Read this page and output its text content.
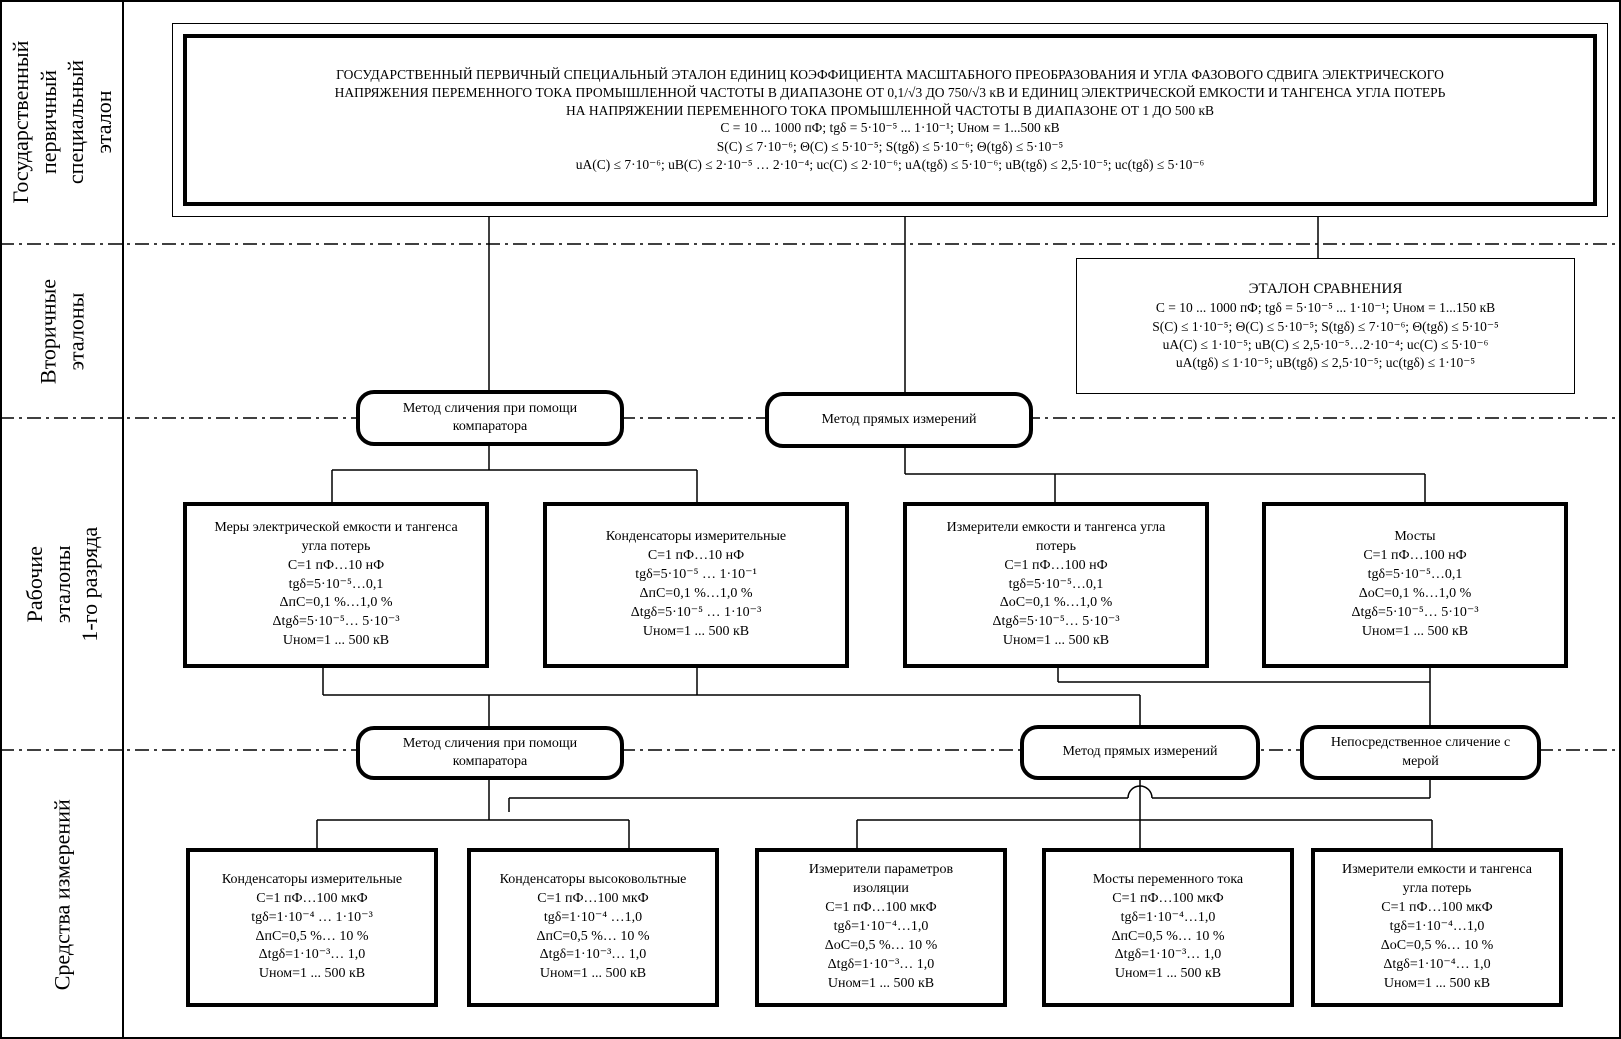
Государственный первичный специальный эталон
Вторичные эталоны
Рабочие эталоны 1-го разряда
Средства измерений
ГОСУДАРСТВЕННЫЙ ПЕРВИЧНЫЙ СПЕЦИАЛЬНЫЙ ЭТАЛОН ЕДИНИЦ КОЭФФИЦИЕНТА МАСШТАБНОГО ПРЕОБРАЗОВАНИЯ И УГЛА ФАЗОВОГО СДВИГА ЭЛЕКТРИЧЕСКОГО
НАПРЯЖЕНИЯ ПЕРЕМЕННОГО ТОКА ПРОМЫШЛЕННОЙ ЧАСТОТЫ В ДИАПАЗОНЕ ОТ 0,1/√3 ДО 750/√3 кВ И ЕДИНИЦ ЭЛЕКТРИЧЕСКОЙ ЕМКОСТИ И ТАНГЕНСА УГЛА ПОТЕРЬ
НА НАПРЯЖЕНИИ ПЕРЕМЕННОГО ТОКА ПРОМЫШЛЕННОЙ ЧАСТОТЫ В ДИАПАЗОНЕ ОТ 1 ДО 500 кВ
C = 10 ... 1000 пФ; tgδ = 5·10⁻⁵ ... 1·10⁻¹; Uном = 1...500 кВ
S(C) ≤ 7·10⁻⁶; Θ(C) ≤ 5·10⁻⁵; S(tgδ) ≤ 5·10⁻⁶; Θ(tgδ) ≤ 5·10⁻⁵
uA(C) ≤ 7·10⁻⁶; uB(C) ≤ 2·10⁻⁵ … 2·10⁻⁴; uc(C) ≤ 2·10⁻⁶; uA(tgδ) ≤ 5·10⁻⁶; uB(tgδ) ≤ 2,5·10⁻⁵; uc(tgδ) ≤ 5·10⁻⁶
ЭТАЛОН СРАВНЕНИЯ
C = 10 ... 1000 пФ; tgδ = 5·10⁻⁵ ... 1·10⁻¹; Uном = 1...150 кВ
S(C) ≤ 1·10⁻⁵; Θ(C) ≤ 5·10⁻⁵; S(tgδ) ≤ 7·10⁻⁶; Θ(tgδ) ≤ 5·10⁻⁵
uA(C) ≤ 1·10⁻⁵; uB(C) ≤ 2,5·10⁻⁵…2·10⁻⁴; uc(C) ≤ 5·10⁻⁶
uA(tgδ) ≤ 1·10⁻⁵; uB(tgδ) ≤ 2,5·10⁻⁵; uc(tgδ) ≤ 1·10⁻⁵
Метод сличения при помощи компаратора	Метод прямых измерений
Метод сличения при помощи компаратора
Метод прямых измерений
Непосредственное сличение с мерой
Меры электрической емкости и тангенса
угла потерь
C=1 пФ…10 нФ
tgδ=5·10⁻⁵…0,1
ΔпC=0,1 %…1,0 %
Δtgδ=5·10⁻⁵… 5·10⁻³
Uном=1 ... 500 кВ
Конденсаторы измерительные
C=1 пФ…10 нФ
tgδ=5·10⁻⁵ … 1·10⁻¹
ΔпC=0,1 %…1,0 %
Δtgδ=5·10⁻⁵ … 1·10⁻³
Uном=1 ... 500 кВ
Измерители емкости и тангенса угла
потерь
C=1 пФ…100 нФ
tgδ=5·10⁻⁵…0,1
ΔоC=0,1 %…1,0 %
Δtgδ=5·10⁻⁵… 5·10⁻³
Uном=1 ... 500 кВ
Мосты
C=1 пФ…100 нФ
tgδ=5·10⁻⁵…0,1
ΔоC=0,1 %…1,0 %
Δtgδ=5·10⁻⁵… 5·10⁻³
Uном=1 ... 500 кВ
Конденсаторы измерительные
C=1 пФ…100 мкФ
tgδ=1·10⁻⁴ … 1·10⁻³
ΔпC=0,5 %… 10 %
Δtgδ=1·10⁻³… 1,0
Uном=1 ... 500 кВ
Конденсаторы высоковольтные
C=1 пФ…100 мкФ
tgδ=1·10⁻⁴ …1,0
ΔпC=0,5 %… 10 %
Δtgδ=1·10⁻³… 1,0
Uном=1 ... 500 кВ
Измерители параметров
изоляции
C=1 пФ…100 мкФ
tgδ=1·10⁻⁴…1,0
ΔоC=0,5 %… 10 %
Δtgδ=1·10⁻³… 1,0
Uном=1 ... 500 кВ
Мосты переменного тока
C=1 пФ…100 мкФ
tgδ=1·10⁻⁴…1,0
ΔпC=0,5 %… 10 %
Δtgδ=1·10⁻³… 1,0
Uном=1 ... 500 кВ
Измерители емкости и тангенса
угла потерь
C=1 пФ…100 мкФ
tgδ=1·10⁻⁴…1,0
ΔоC=0,5 %… 10 %
Δtgδ=1·10⁻⁴… 1,0
Uном=1 ... 500 кВ
